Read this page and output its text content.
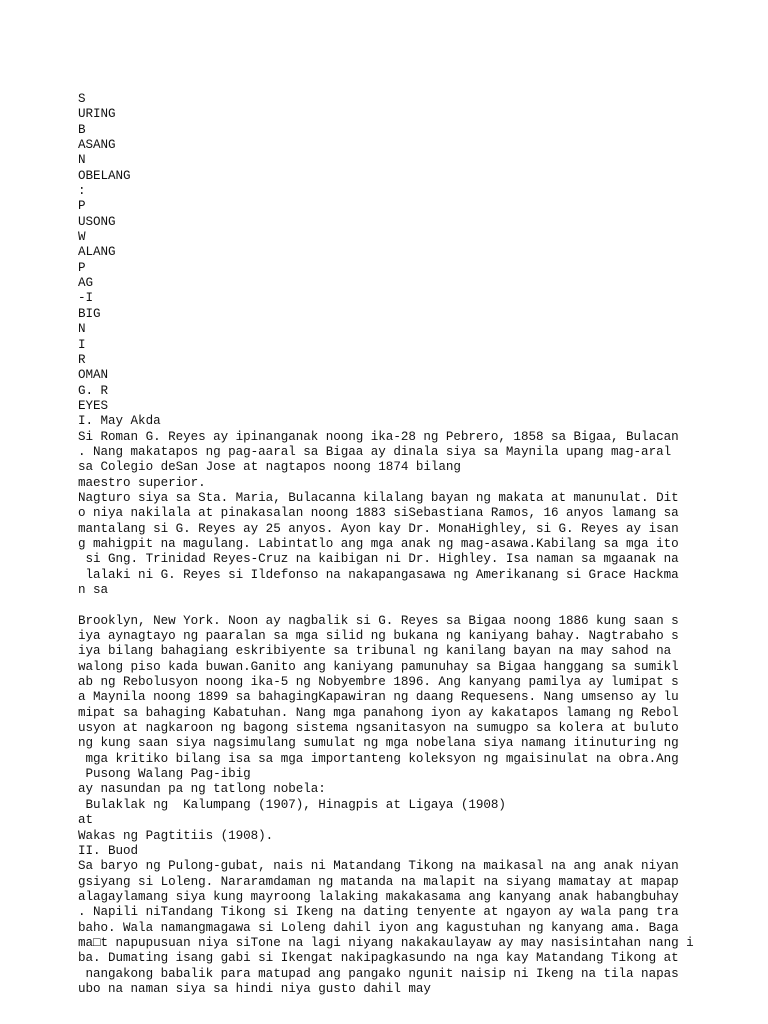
S
URING
B
ASANG
N
OBELANG
:
P
USONG
W
ALANG
P
AG
-I
BIG
N
I
R
OMAN
G. R
EYES
I. May Akda
Si Roman G. Reyes ay ipinanganak noong ika-28 ng Pebrero, 1858 sa Bigaa, Bulacan
. Nang makatapos ng pag-aaral sa Bigaa ay dinala siya sa Maynila upang mag-aral
sa Colegio deSan Jose at nagtapos noong 1874 bilang
maestro superior.
Nagturo siya sa Sta. Maria, Bulacanna kilalang bayan ng makata at manunulat. Dit
o niya nakilala at pinakasalan noong 1883 siSebastiana Ramos, 16 anyos lamang sa
mantalang si G. Reyes ay 25 anyos. Ayon kay Dr. MonaHighley, si G. Reyes ay isan
g mahigpit na magulang. Labintatlo ang mga anak ng mag-asawa.Kabilang sa mga ito
si Gng. Trinidad Reyes-Cruz na kaibigan ni Dr. Highley. Isa naman sa mgaanak na
lalaki ni G. Reyes si Ildefonso na nakapangasawa ng Amerikanang si Grace Hackma
n sa
Brooklyn, New York. Noon ay nagbalik si G. Reyes sa Bigaa noong 1886 kung saan s
iya aynagtayo ng paaralan sa mga silid ng bukana ng kaniyang bahay. Nagtrabaho s
iya bilang bahagiang eskribiyente sa tribunal ng kanilang bayan na may sahod na
walong piso kada buwan.Ganito ang kaniyang pamunuhay sa Bigaa hanggang sa sumikl
ab ng Rebolusyon noong ika-5 ng Nobyembre 1896. Ang kanyang pamilya ay lumipat s
a Maynila noong 1899 sa bahagingKapawiran ng daang Requesens. Nang umsenso ay lu
mipat sa bahaging Kabatuhan. Nang mga panahong iyon ay kakatapos lamang ng Rebol
usyon at nagkaroon ng bagong sistema ngsanitasyon na sumugpo sa kolera at buluto
ng kung saan siya nagsimulang sumulat ng mga nobelana siya namang itinuturing ng
mga kritiko bilang isa sa mga importanteng koleksyon ng mgaisinulat na obra.Ang
Pusong Walang Pag-ibig
ay nasundan pa ng tatlong nobela:
Bulaklak ng  Kalumpang (1907), Hinagpis at Ligaya (1908)
at
Wakas ng Pagtitiis (1908).
II. Buod
Sa baryo ng Pulong-gubat, nais ni Matandang Tikong na maikasal na ang anak niyan
gsiyang si Loleng. Nararamdaman ng matanda na malapit na siyang mamatay at mapap
alagaylamang siya kung mayroong lalaking makakasama ang kanyang anak habangbuhay
. Napili niTandang Tikong si Ikeng na dating tenyente at ngayon ay wala pang tra
baho. Wala namangmagawa si Loleng dahil iyon ang kagustuhan ng kanyang ama. Baga
ma□t napupusuan niya siTone na lagi niyang nakakaulayaw ay may nasisintahan nang i
ba. Dumating isang gabi si Ikengat nakipagkasundo na nga kay Matandang Tikong at
nangakong babalik para matupad ang pangako ngunit naisip ni Ikeng na tila napas
ubo na naman siya sa hindi niya gusto dahil may
